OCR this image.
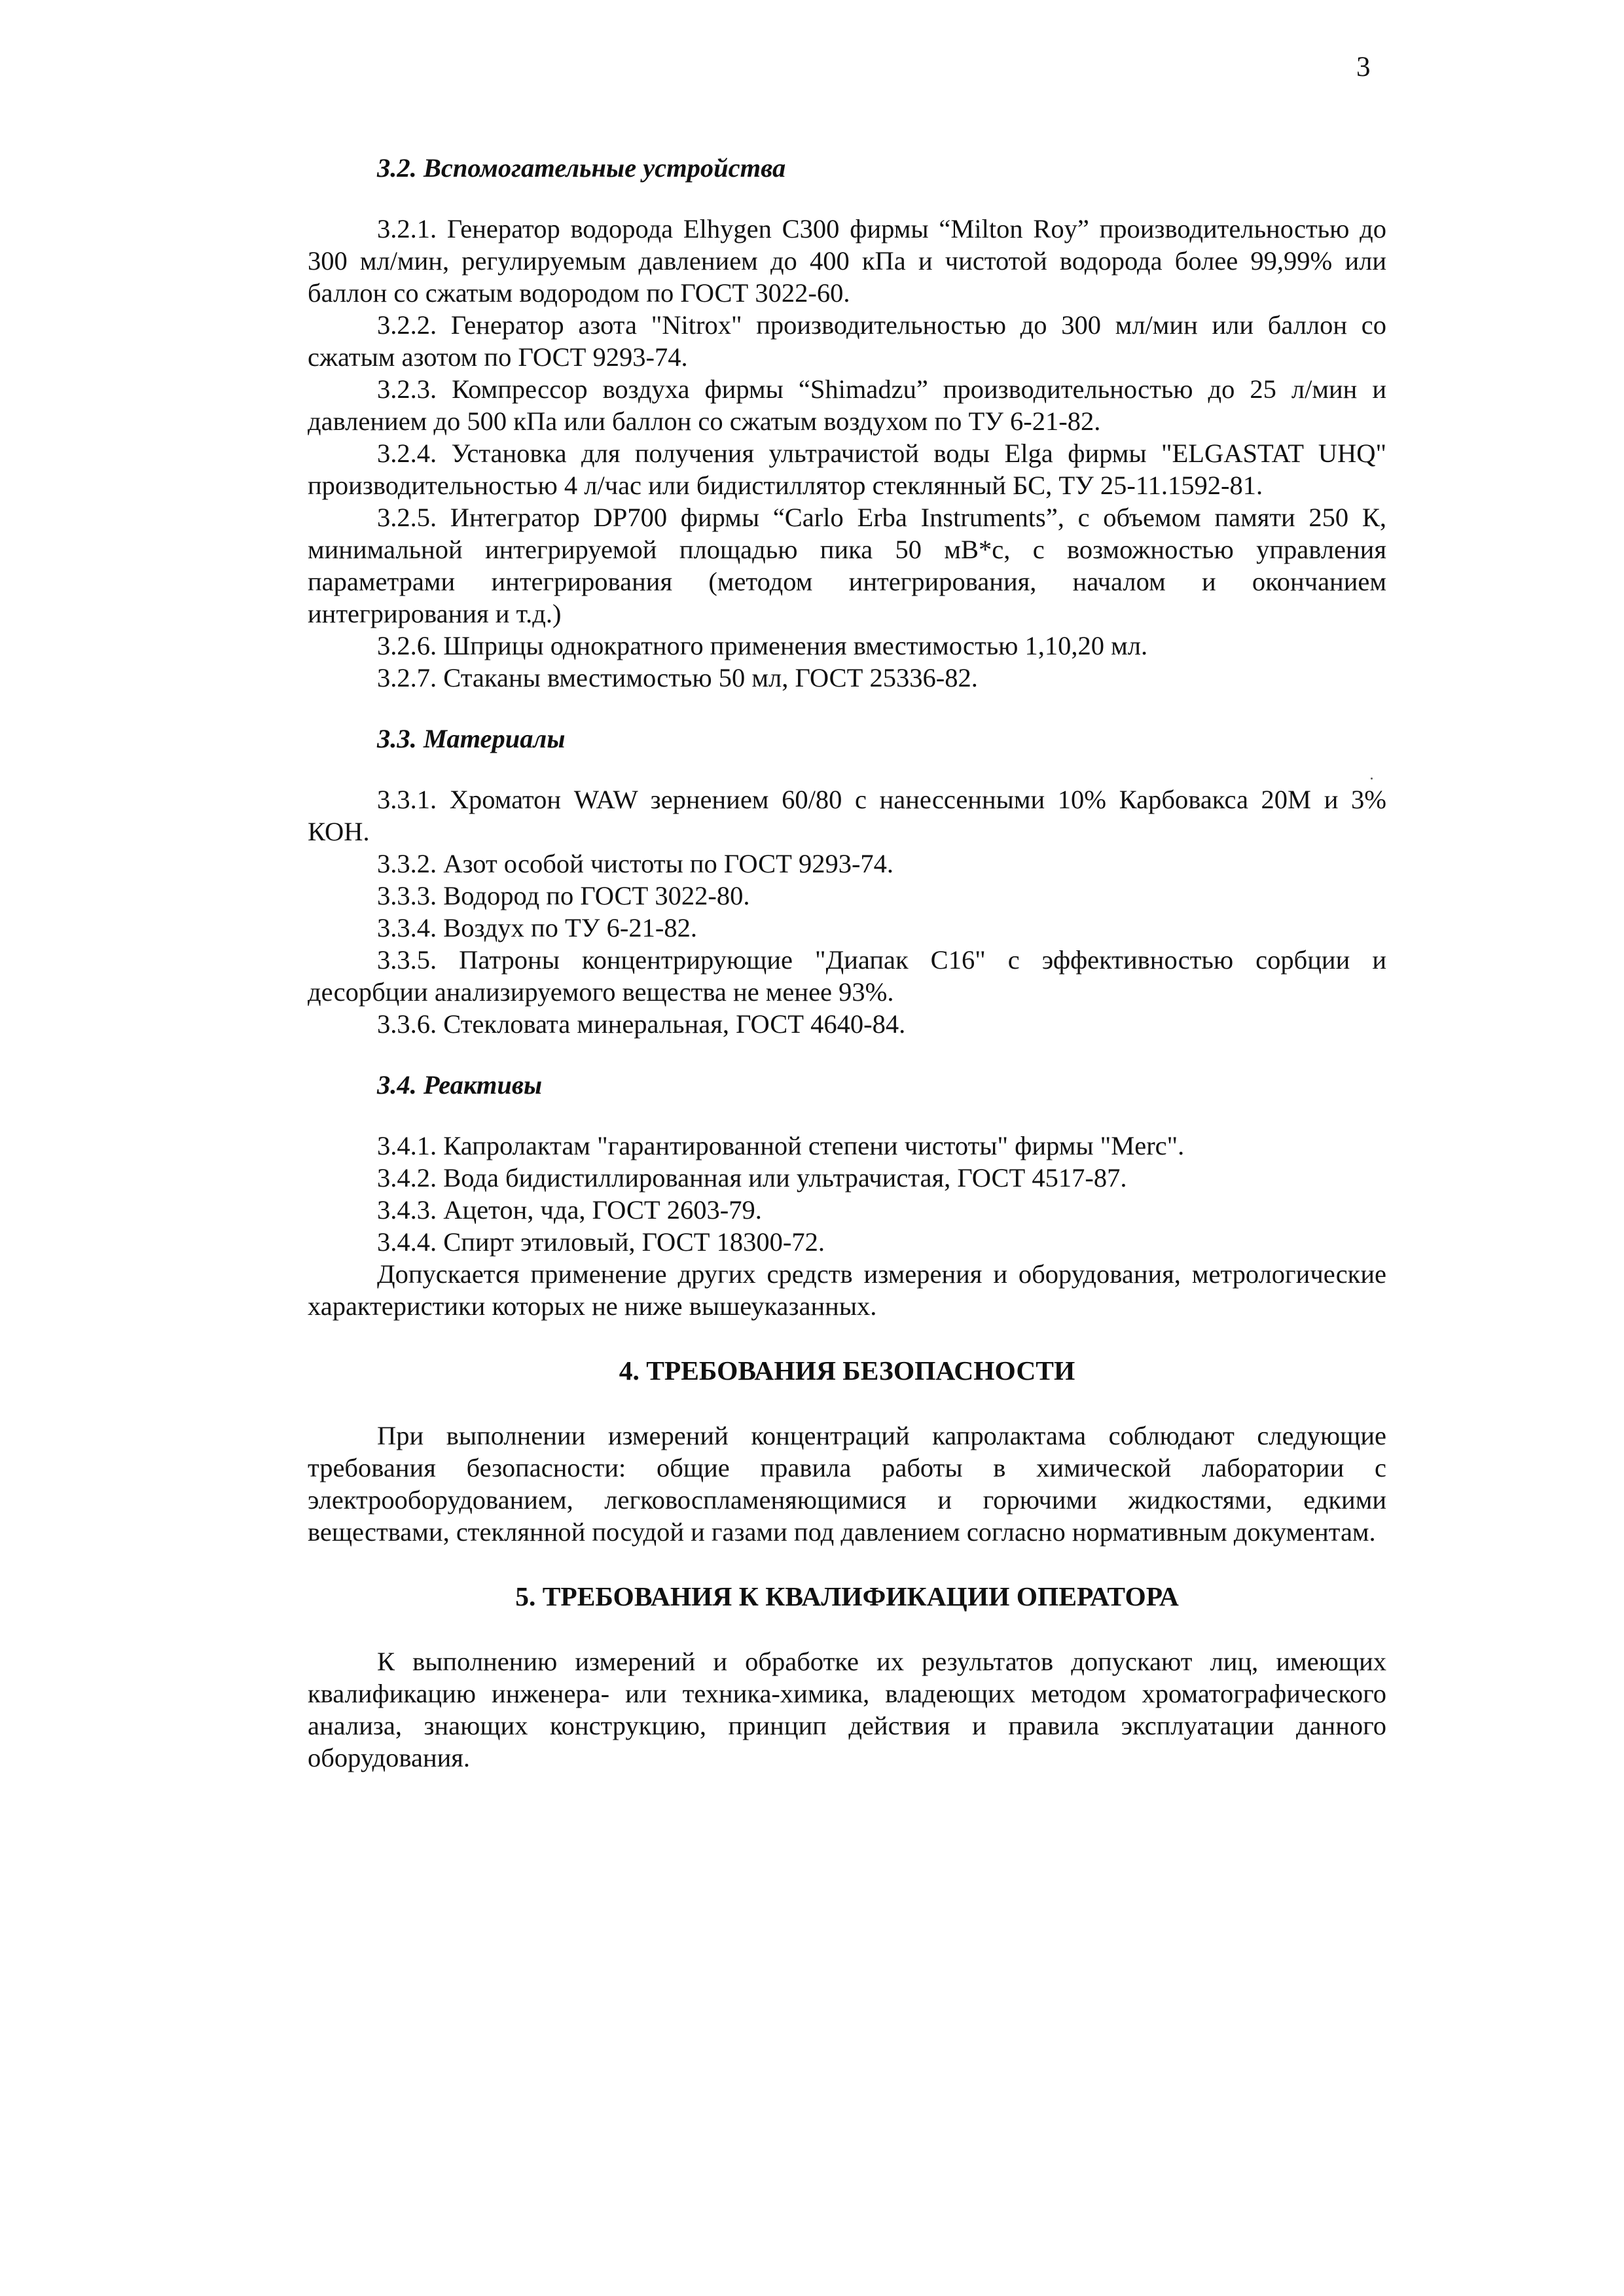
3

3.2. Вспомогательные устройства

3.2.1. Генератор водорода Elhygen C300 фирмы “Milton Roy” производительностью до 300 мл/мин, регулируемым давлением до 400 кПа и чистотой водорода более 99,99% или баллон со сжатым водородом по ГОСТ 3022-60.

3.2.2. Генератор азота "Nitrox" производительностью до 300 мл/мин или баллон со сжатым азотом по ГОСТ 9293-74.

3.2.3. Компрессор воздуха фирмы “Shimadzu” производительностью до 25 л/мин и давлением до 500 кПа или баллон со сжатым воздухом по ТУ 6-21-82.

3.2.4. Установка для получения ультрачистой воды Elga фирмы "ELGASTAT UHQ" производительностью 4 л/час или бидистиллятор стеклянный БС, ТУ 25-11.1592-81.

3.2.5. Интегратор DP700 фирмы “Carlo Erba Instruments”, с объемом памяти 250 К, минимальной интегрируемой площадью пика 50 мВ*с, с возможностью управления параметрами интегрирования (методом интегрирования, началом и окончанием интегрирования и т.д.)

3.2.6. Шприцы однократного применения вместимостью 1,10,20 мл.

3.2.7. Стаканы вместимостью 50 мл, ГОСТ 25336-82.

3.3. Материалы

3.3.1. Хроматон WAW зернением 60/80 с нанессенными 10% Карбовакса 20М и 3% КОН.

3.3.2. Азот особой чистоты по ГОСТ 9293-74.

3.3.3. Водород по ГОСТ 3022-80.

3.3.4. Воздух по ТУ 6-21-82.

3.3.5. Патроны концентрирующие "Диапак С16" с эффективностью сорбции и десорбции анализируемого вещества не менее 93%.

3.3.6. Стекловата минеральная, ГОСТ 4640-84.

3.4. Реактивы

3.4.1. Капролактам "гарантированной степени чистоты" фирмы "Merc".

3.4.2. Вода бидистиллированная или ультрачистая, ГОСТ 4517-87.

3.4.3. Ацетон, чда, ГОСТ 2603-79.

3.4.4. Спирт этиловый, ГОСТ 18300-72.

Допускается применение других средств измерения и оборудования, метрологические характеристики которых не ниже вышеуказанных.

4. ТРЕБОВАНИЯ БЕЗОПАСНОСТИ

При выполнении измерений концентраций капролактама соблюдают следующие требования безопасности: общие правила работы в химической лаборатории с электрооборудованием, легковоспламеняющимися и горючими жидкостями, едкими веществами, стеклянной посудой и газами под давлением согласно нормативным документам.

5. ТРЕБОВАНИЯ К КВАЛИФИКАЦИИ ОПЕРАТОРА

К выполнению измерений и обработке их результатов допускают лиц, имеющих квалификацию инженера- или техника-химика, владеющих методом хроматографического анализа, знающих конструкцию, принцип действия и правила эксплуатации данного оборудования.
